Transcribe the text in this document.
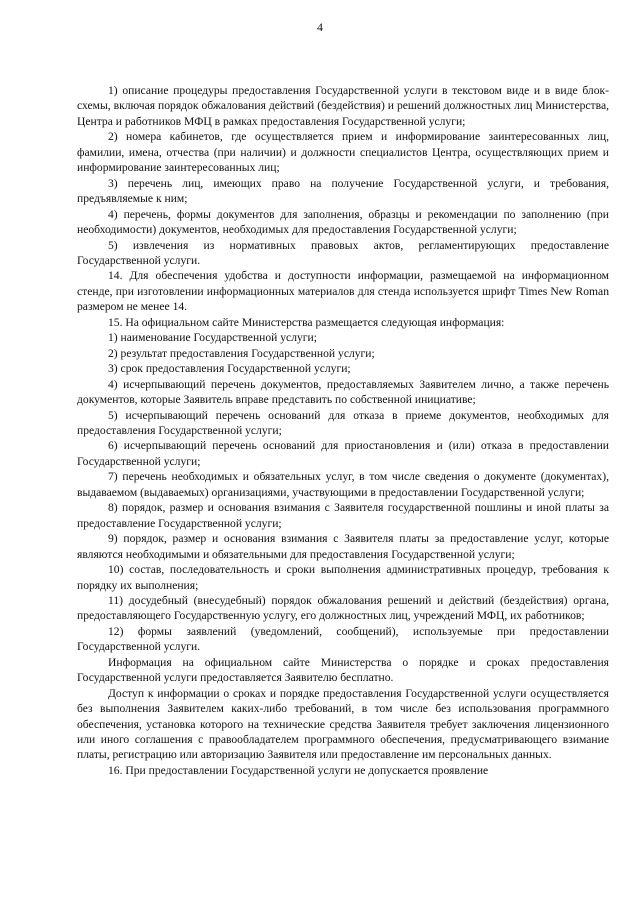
4

1) описание процедуры предоставления Государственной услуги в текстовом виде и в виде блок-схемы, включая порядок обжалования действий (бездействия) и решений должностных лиц Министерства, Центра и работников МФЦ в рамках предоставления Государственной услуги;

2) номера кабинетов, где осуществляется прием и информирование заинтересованных лиц, фамилии, имена, отчества (при наличии) и должности специалистов Центра, осуществляющих прием и информирование заинтересованных лиц;

3) перечень лиц, имеющих право на получение Государственной услуги, и требования, предъявляемые к ним;

4) перечень, формы документов для заполнения, образцы и рекомендации по заполнению (при необходимости) документов, необходимых для предоставления Государственной услуги;

5) извлечения из нормативных правовых актов, регламентирующих предоставление Государственной услуги.

14. Для обеспечения удобства и доступности информации, размещаемой на информационном стенде, при изготовлении информационных материалов для стенда используется шрифт Times New Roman размером не менее 14.

15. На официальном сайте Министерства размещается следующая информация:

1) наименование Государственной услуги;

2) результат предоставления Государственной услуги;

3) срок предоставления Государственной услуги;

4) исчерпывающий перечень документов, предоставляемых Заявителем лично, а также перечень документов, которые Заявитель вправе представить по собственной инициативе;

5) исчерпывающий перечень оснований для отказа в приеме документов, необходимых для предоставления Государственной услуги;

6) исчерпывающий перечень оснований для приостановления и (или) отказа в предоставлении Государственной услуги;

7) перечень необходимых и обязательных услуг, в том числе сведения о документе (документах), выдаваемом (выдаваемых) организациями, участвующими в предоставлении Государственной услуги;

8) порядок, размер и основания взимания с Заявителя государственной пошлины и иной платы за предоставление Государственной услуги;

9) порядок, размер и основания взимания с Заявителя платы за предоставление услуг, которые являются необходимыми и обязательными для предоставления Государственной услуги;

10) состав, последовательность и сроки выполнения административных процедур, требования к порядку их выполнения;

11) досудебный (внесудебный) порядок обжалования решений и действий (бездействия) органа, предоставляющего Государственную услугу, его должностных лиц, учреждений МФЦ, их работников;

12) формы заявлений (уведомлений, сообщений), используемые при предоставлении Государственной услуги.

Информация на официальном сайте Министерства о порядке и сроках предоставления Государственной услуги предоставляется Заявителю бесплатно.

Доступ к информации о сроках и порядке предоставления Государственной услуги осуществляется без выполнения Заявителем каких-либо требований, в том числе без использования программного обеспечения, установка которого на технические средства Заявителя требует заключения лицензионного или иного соглашения с правообладателем программного обеспечения, предусматривающего взимание платы, регистрацию или авторизацию Заявителя или предоставление им персональных данных.

16. При предоставлении Государственной услуги не допускается проявление
